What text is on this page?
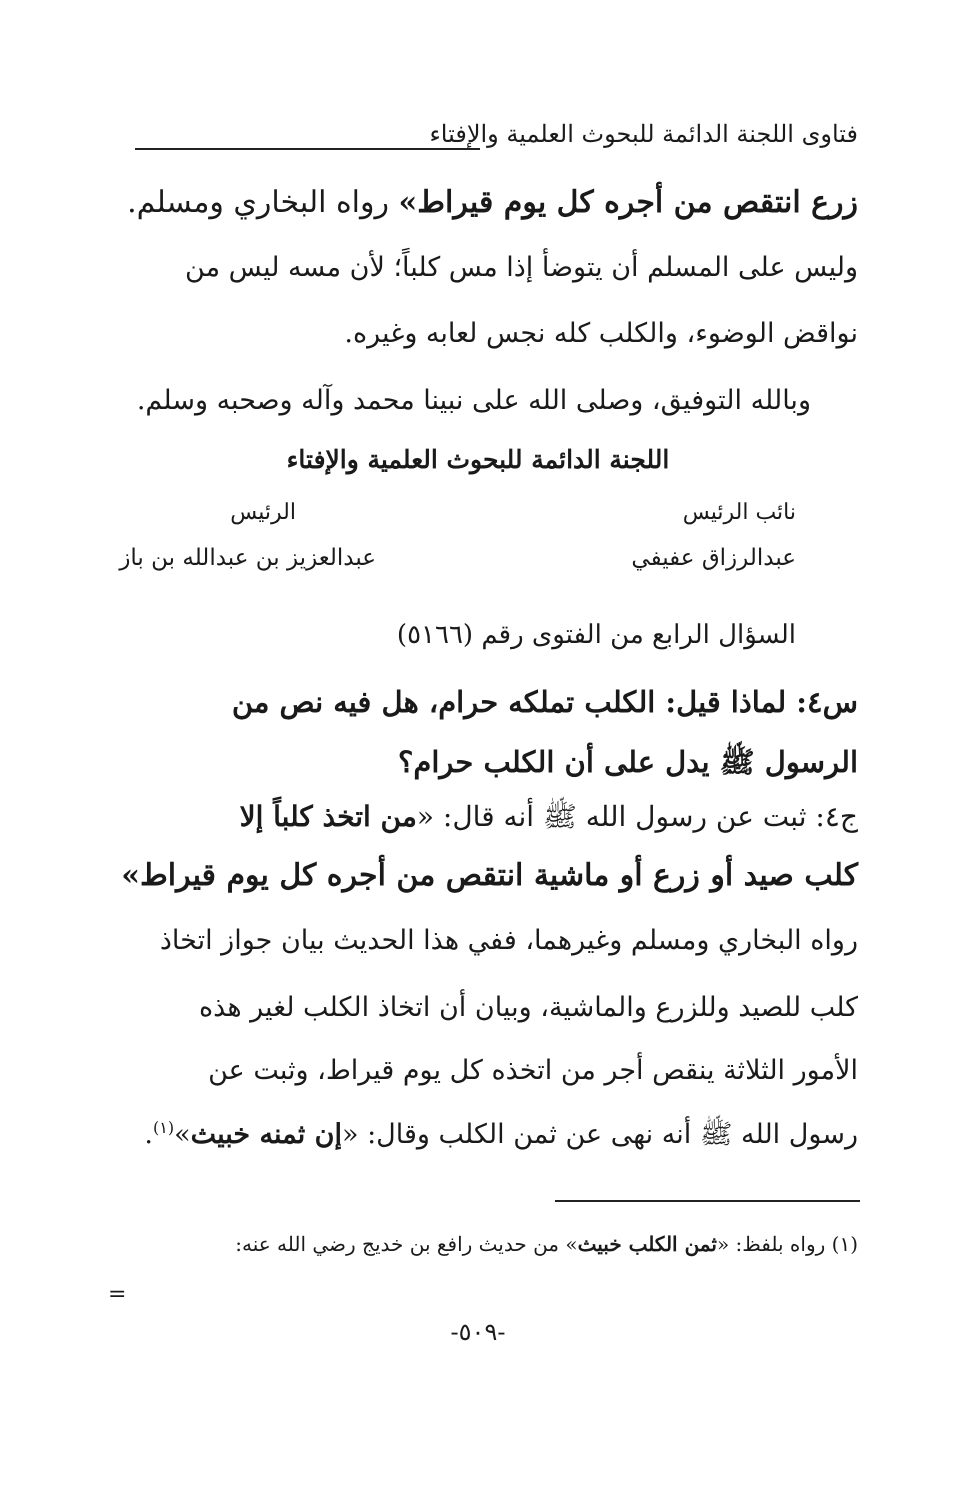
فتاوى اللجنة الدائمة للبحوث العلمية والإفتاء
زرع انتقص من أجره كل يوم قيراط» رواه البخاري ومسلم.
وليس على المسلم أن يتوضأ إذا مس كلباً؛ لأن مسه ليس من
نواقض الوضوء، والكلب كله نجس لعابه وغيره.
وبالله التوفيق، وصلى الله على نبينا محمد وآله وصحبه وسلم.
اللجنة الدائمة للبحوث العلمية والإفتاء
نائب الرئيس
الرئيس
عبدالرزاق عفيفي
عبدالعزيز بن عبدالله بن باز
السؤال الرابع من الفتوى رقم (٥١٦٦)
س٤: لماذا قيل: الكلب تملكه حرام، هل فيه نص من
الرسول ﷺ يدل على أن الكلب حرام؟
ج٤: ثبت عن رسول الله ﷺ أنه قال: «من اتخذ كلباً إلا
كلب صيد أو زرع أو ماشية انتقص من أجره كل يوم قيراط»
رواه البخاري ومسلم وغيرهما، ففي هذا الحديث بيان جواز اتخاذ
كلب للصيد وللزرع والماشية، وبيان أن اتخاذ الكلب لغير هذه
الأمور الثلاثة ينقص أجر من اتخذه كل يوم قيراط، وثبت عن
رسول الله ﷺ أنه نهى عن ثمن الكلب وقال: «إن ثمنه خبيث»$^{(١)}$.
(١) رواه بلفظ: «ثمن الكلب خبيث» من حديث رافع بن خديج رضي الله عنه:
=
-٥٠٩-
